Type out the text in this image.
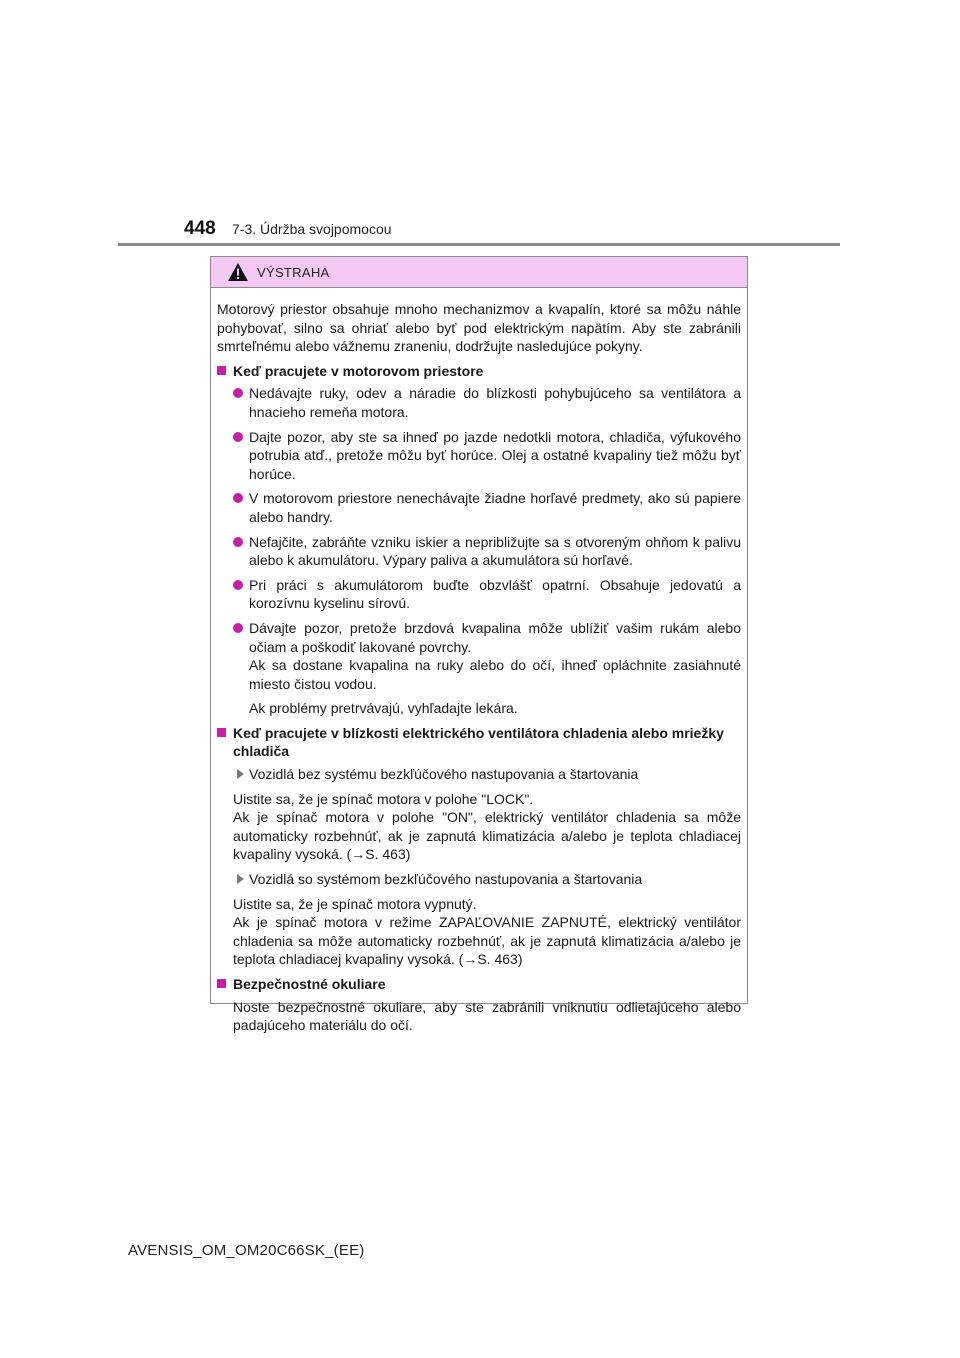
448 7-3. Údržba svojpomocou
VÝSTRAHA

Motorový priestor obsahuje mnoho mechanizmov a kvapalín, ktoré sa môžu náhle pohybovať, silno sa ohriať alebo byť pod elektrickým napätím. Aby ste zabránili smrteľnému alebo vážnemu zraneniu, dodržujte nasledujúce pokyny.

Keď pracujete v motorovom priestore
Nedávajte ruky, odev a náradie do blízkosti pohybujúceho sa ventilátora a hnacieho remeňa motora.
Dajte pozor, aby ste sa ihneď po jazde nedotkli motora, chladiča, výfukového potrubia atď., pretože môžu byť horúce. Olej a ostatné kvapaliny tiež môžu byť horúce.
V motorovom priestore nenechávajte žiadne horľavé predmety, ako sú papiere alebo handry.
Nefajčite, zabráňte vzniku iskier a nepribližujte sa s otvoreným ohňom k palivu alebo k akumulátoru. Výpary paliva a akumulátora sú horľavé.
Pri práci s akumulátorom buďte obzvlášť opatrní. Obsahuje jedovatú a korozívnu kyselinu sírovú.
Dávajte pozor, pretože brzdová kvapalina môže ublížiť vašim rukám alebo očiam a poškodiť lakované povrchy.
Ak sa dostane kvapalina na ruky alebo do očí, ihneď opláchnite zasiahnuté miesto čistou vodou.
Ak problémy pretrvávajú, vyhľadajte lekára.
Keď pracujete v blízkosti elektrického ventilátora chladenia alebo mriežky chladiča
Vozidlá bez systému bezkľúčového nastupovania a štartovania
Uistite sa, že je spínač motora v polohe "LOCK".
Ak je spínač motora v polohe "ON", elektrický ventilátor chladenia sa môže automaticky rozbehnúť, ak je zapnutá klimatizácia a/alebo je teplota chladiacej kvapaliny vysoká. (→S. 463)
Vozidlá so systémom bezkľúčového nastupovania a štartovania
Uistite sa, že je spínač motora vypnutý.
Ak je spínač motora v režime ZAPAĽOVANIE ZAPNUTÉ, elektrický ventilátor chladenia sa môže automaticky rozbehnúť, ak je zapnutá klimatizácia a/alebo je teplota chladiacej kvapaliny vysoká. (→S. 463)
Bezpečnostné okuliare
Noste bezpečnostné okuliare, aby ste zabránili vniknutiu odlietajúceho alebo padajúceho materiálu do očí.
AVENSIS_OM_OM20C66SK_(EE)
